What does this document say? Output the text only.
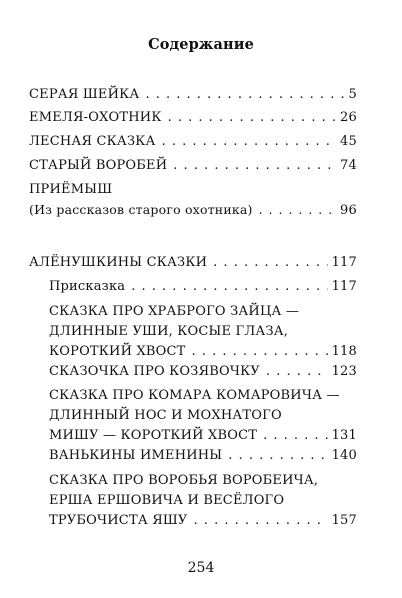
Содержание
СЕРАЯ ШЕЙКА . . .	5
ЕМЕЛЯ-ОХОТНИК . . .	26
ЛЕСНАЯ СКАЗКА . . .	45
СТАРЫЙ ВОРОБЕЙ . . .	74
ПРИЁМЫШ
(Из рассказов старого охотника) . . .	96
АЛЁНУШКИНЫ СКАЗКИ . . .	117
Присказка . . .	117
СКАЗКА ПРО ХРАБРОГО ЗАЙЦА —
ДЛИННЫЕ УШИ, КОСЫЕ ГЛАЗА,
КОРОТКИЙ ХВОСТ . . .	118
СКАЗОЧКА ПРО КОЗЯВОЧКУ . . .	123
СКАЗКА ПРО КОМАРА КОМАРОВИЧА —
ДЛИННЫЙ НОС И МОХНАТОГО
МИШУ — КОРОТКИЙ ХВОСТ . . .	131
ВАНЬКИНЫ ИМЕНИНЫ . . .	140
СКАЗКА ПРО ВОРОБЬЯ ВОРОБЕИЧА,
ЕРША ЕРШОВИЧА И ВЕСЁЛОГО
ТРУБОЧИСТА ЯШУ . . .	157
254
